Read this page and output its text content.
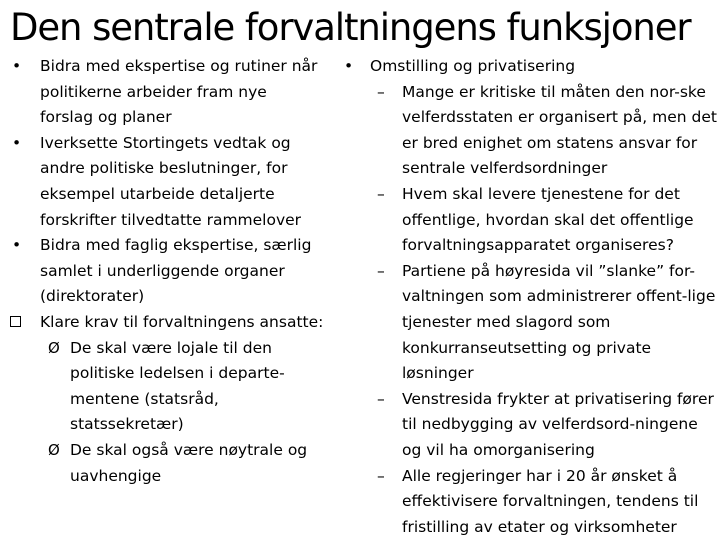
Den sentrale forvaltningens funksjoner
• Bidra med ekspertise og rutiner når politikerne arbeider fram nye forslag og planer
• Iverksette Stortingets vedtak og andre politiske beslutninger, for eksempel utarbeide detaljerte forskrifter tilvedtatte rammelover
• Bidra med faglig ekspertise, særlig samlet i underliggende organer (direktorater)
Klare krav til forvaltningens ansatte:
Ø De skal være lojale til den politiske ledelsen i departe-mentene (statsråd, statssekretær)
Ø De skal også være nøytrale og uavhengige
• Omstilling og privatisering
– Mange er kritiske til måten den nor-ske velferdsstaten er organisert på, men det er bred enighet om statens ansvar for sentrale velferdsordninger
– Hvem skal levere tjenestene for det offentlige, hvordan skal det offentlige forvaltningsapparatet organiseres?
– Partiene på høyresida vil ”slanke” for-valtningen som administrerer offent-lige tjenester med slagord som konkurranseutsetting og private løsninger
– Venstresida frykter at privatisering fører til nedbygging av velferdsord-ningene og vil ha omorganisering
– Alle regjeringer har i 20 år ønsket å effektivisere forvaltningen, tendens til fristilling av etater og virksomheter
